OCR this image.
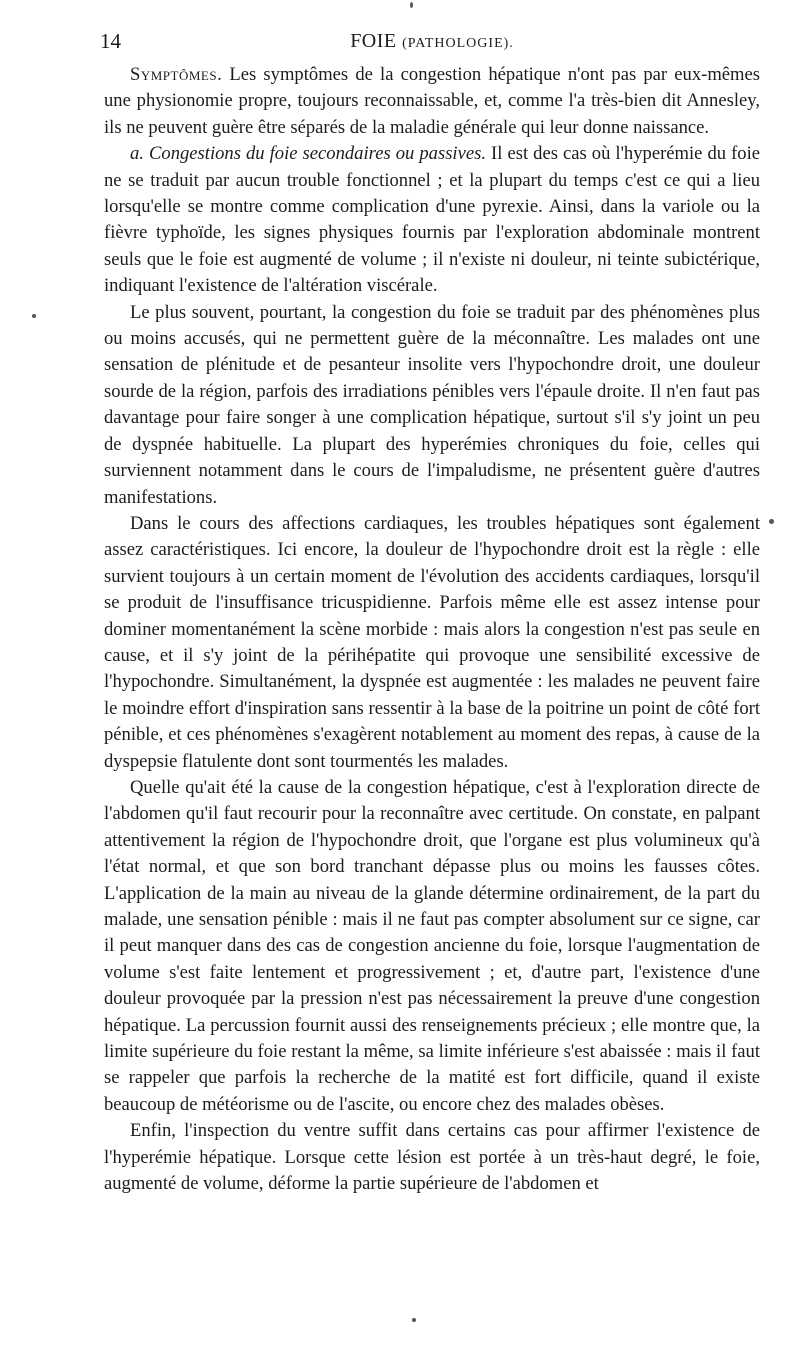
14	FOIE (PATHOLOGIE).

Symptômes. Les symptômes de la congestion hépatique n'ont pas par eux-mêmes une physionomie propre, toujours reconnaissable, et, comme l'a très-bien dit Annesley, ils ne peuvent guère être séparés de la maladie générale qui leur donne naissance.

a. Congestions du foie secondaires ou passives. Il est des cas où l'hyperémie du foie ne se traduit par aucun trouble fonctionnel ; et la plupart du temps c'est ce qui a lieu lorsqu'elle se montre comme complication d'une pyrexie. Ainsi, dans la variole ou la fièvre typhoïde, les signes physiques fournis par l'exploration abdominale montrent seuls que le foie est augmenté de volume ; il n'existe ni douleur, ni teinte subictérique, indiquant l'existence de l'altération viscérale.

Le plus souvent, pourtant, la congestion du foie se traduit par des phénomènes plus ou moins accusés, qui ne permettent guère de la méconnaître. Les malades ont une sensation de plénitude et de pesanteur insolite vers l'hypochondre droit, une douleur sourde de la région, parfois des irradiations pénibles vers l'épaule droite. Il n'en faut pas davantage pour faire songer à une complication hépatique, surtout s'il s'y joint un peu de dyspnée habituelle. La plupart des hyperémies chroniques du foie, celles qui surviennent notamment dans le cours de l'impaludisme, ne présentent guère d'autres manifestations.

Dans le cours des affections cardiaques, les troubles hépatiques sont également assez caractéristiques. Ici encore, la douleur de l'hypochondre droit est la règle : elle survient toujours à un certain moment de l'évolution des accidents cardiaques, lorsqu'il se produit de l'insuffisance tricuspidienne. Parfois même elle est assez intense pour dominer momentanément la scène morbide : mais alors la congestion n'est pas seule en cause, et il s'y joint de la périhépatite qui provoque une sensibilité excessive de l'hypochondre. Simultanément, la dyspnée est augmentée : les malades ne peuvent faire le moindre effort d'inspiration sans ressentir à la base de la poitrine un point de côté fort pénible, et ces phénomènes s'exagèrent notablement au moment des repas, à cause de la dyspepsie flatulente dont sont tourmentés les malades.

Quelle qu'ait été la cause de la congestion hépatique, c'est à l'exploration directe de l'abdomen qu'il faut recourir pour la reconnaître avec certitude. On constate, en palpant attentivement la région de l'hypochondre droit, que l'organe est plus volumineux qu'à l'état normal, et que son bord tranchant dépasse plus ou moins les fausses côtes. L'application de la main au niveau de la glande détermine ordinairement, de la part du malade, une sensation pénible : mais il ne faut pas compter absolument sur ce signe, car il peut manquer dans des cas de congestion ancienne du foie, lorsque l'augmentation de volume s'est faite lentement et progressivement ; et, d'autre part, l'existence d'une douleur provoquée par la pression n'est pas nécessairement la preuve d'une congestion hépatique. La percussion fournit aussi des renseignements précieux ; elle montre que, la limite supérieure du foie restant la même, sa limite inférieure s'est abaissée : mais il faut se rappeler que parfois la recherche de la matité est fort difficile, quand il existe beaucoup de météorisme ou de l'ascite, ou encore chez des malades obèses.

Enfin, l'inspection du ventre suffit dans certains cas pour affirmer l'existence de l'hyperémie hépatique. Lorsque cette lésion est portée à un très-haut degré, le foie, augmenté de volume, déforme la partie supérieure de l'abdomen et
